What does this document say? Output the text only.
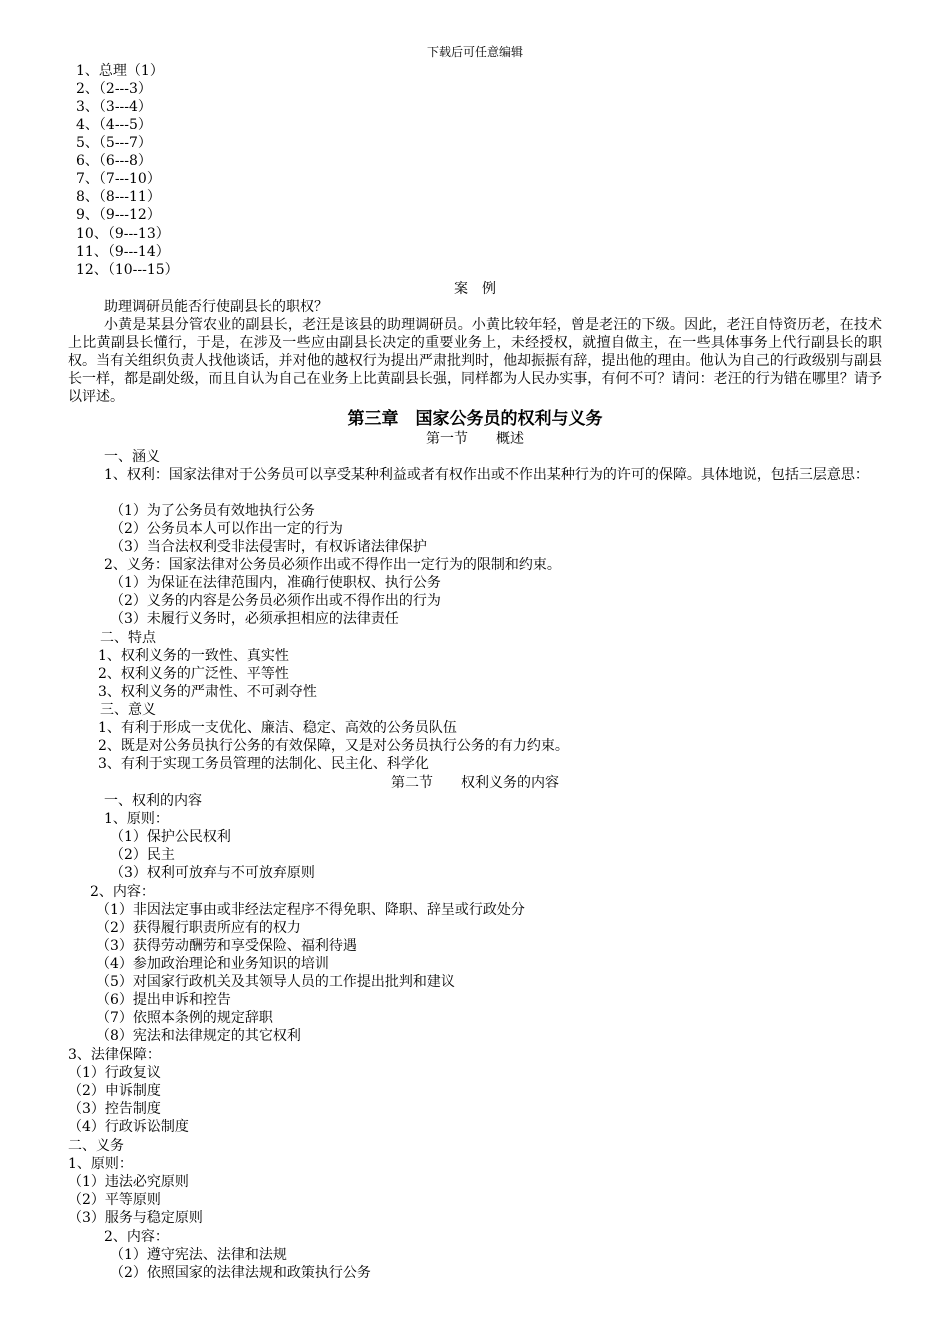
下载后可任意编辑
1、总理（1）
2、（2---3）
3、（3---4）
4、（4---5）
5、（5---7）
6、（6---8）
7、（7---10）
8、（8---11）
9、（9---12）
10、（9---13）
11、（9---14）
12、（10---15）
案　例
助理调研员能否行使副县长的职权？
小黄是某县分管农业的副县长，老汪是该县的助理调研员。小黄比较年轻，曾是老汪的下级。因此，老汪自恃资历老，在技术上比黄副县长懂行，于是，在涉及一些应由副县长决定的重要业务上，未经授权，就擅自做主，在一些具体事务上代行副县长的职权。当有关组织负责人找他谈话，并对他的越权行为提出严肃批判时，他却振振有辞，提出他的理由。他认为自己的行政级别与副县长一样，都是副处级，而且自认为自己在业务上比黄副县长强，同样都为人民办实事，有何不可？请问：老汪的行为错在哪里？请予以评述。
第三章　国家公务员的权利与义务
第一节　　概述
一、涵义
1、权利：国家法律对于公务员可以享受某种利益或者有权作出或不作出某种行为的许可的保障。具体地说，包括三层意思：
（1）为了公务员有效地执行公务
（2）公务员本人可以作出一定的行为
（3）当合法权利受非法侵害时，有权诉诸法律保护
2、义务：国家法律对公务员必须作出或不得作出一定行为的限制和约束。
（1）为保证在法律范围内，准确行使职权、执行公务
（2）义务的内容是公务员必须作出或不得作出的行为
（3）未履行义务时，必须承担相应的法律责任
二、特点
1、权利义务的一致性、真实性
2、权利义务的广泛性、平等性
3、权利义务的严肃性、不可剥夺性
三、意义
1、有利于形成一支优化、廉洁、稳定、高效的公务员队伍
2、既是对公务员执行公务的有效保障，又是对公务员执行公务的有力约束。
3、有利于实现工务员管理的法制化、民主化、科学化
第二节　　权利义务的内容
一、权利的内容
1、原则：
（1）保护公民权利
（2）民主
（3）权利可放弃与不可放弃原则
2、内容：
（1）非因法定事由或非经法定程序不得免职、降职、辞呈或行政处分
（2）获得履行职责所应有的权力
（3）获得劳动酬劳和享受保险、福利待遇
（4）参加政治理论和业务知识的培训
（5）对国家行政机关及其领导人员的工作提出批判和建议
（6）提出申诉和控告
（7）依照本条例的规定辞职
（8）宪法和法律规定的其它权利
3、法律保障：
（1）行政复议
（2）申诉制度
（3）控告制度
（4）行政诉讼制度
二、义务
1、原则：
（1）违法必究原则
（2）平等原则
（3）服务与稳定原则
2、内容：
（1）遵守宪法、法律和法规
（2）依照国家的法律法规和政策执行公务
